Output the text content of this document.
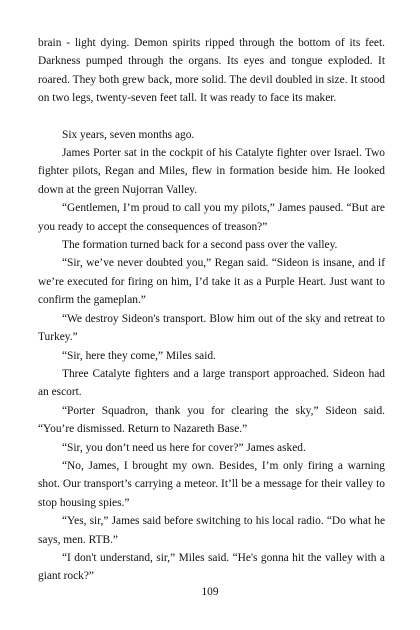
brain - light dying. Demon spirits ripped through the bottom of its feet. Darkness pumped through the organs. Its eyes and tongue exploded. It roared. They both grew back, more solid. The devil doubled in size. It stood on two legs, twenty-seven feet tall. It was ready to face its maker.

Six years, seven months ago.

James Porter sat in the cockpit of his Catalyte fighter over Israel. Two fighter pilots, Regan and Miles, flew in formation beside him. He looked down at the green Nujorran Valley.

“Gentlemen, I’m proud to call you my pilots,” James paused. “But are you ready to accept the consequences of treason?”

The formation turned back for a second pass over the valley.

“Sir, we’ve never doubted you,” Regan said. “Sideon is insane, and if we’re executed for firing on him, I’d take it as a Purple Heart. Just want to confirm the gameplan.”

“We destroy Sideon's transport. Blow him out of the sky and retreat to Turkey.”

“Sir, here they come,” Miles said.

Three Catalyte fighters and a large transport approached. Sideon had an escort.

“Porter Squadron, thank you for clearing the sky,” Sideon said. “You’re dismissed. Return to Nazareth Base.”

“Sir, you don’t need us here for cover?” James asked.

“No, James, I brought my own. Besides, I’m only firing a warning shot. Our transport’s carrying a meteor. It’ll be a message for their valley to stop housing spies.”

“Yes, sir,” James said before switching to his local radio. “Do what he says, men. RTB.”

“I don't understand, sir,” Miles said. “He's gonna hit the valley with a giant rock?”

109
